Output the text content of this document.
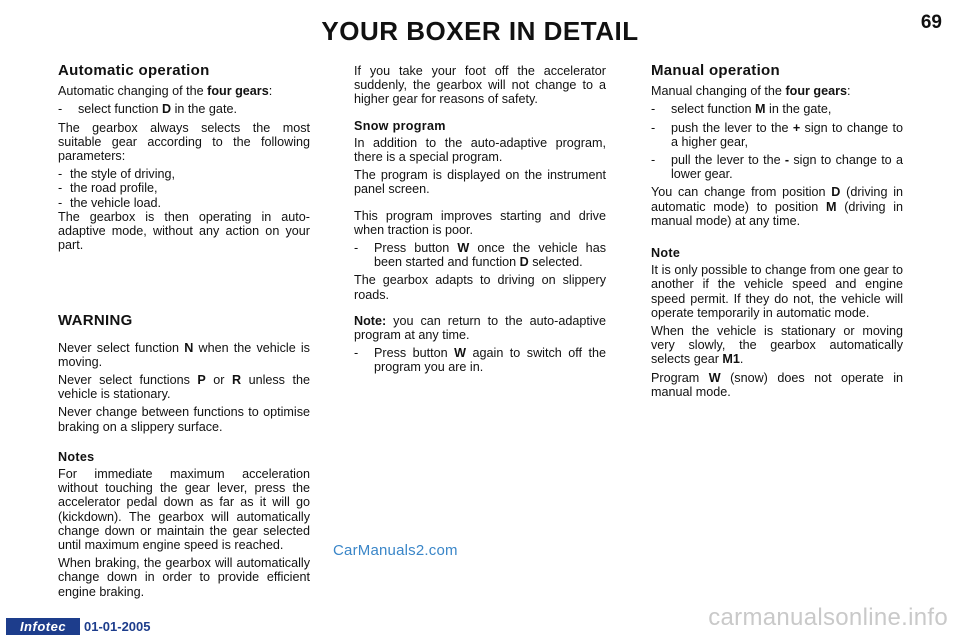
YOUR BOXER IN DETAIL	69
Automatic operation

Automatic changing of the four gears:

-	select function D in the gate.

The gearbox always selects the most suitable gear according to the following parameters:

- the style of driving,
- the road profile,
- the vehicle load.

The gearbox is then operating in auto-adaptive mode, without any action on your part.

WARNING

Never select function N when the vehicle is moving.

Never select functions P or R unless the vehicle is stationary.

Never change between functions to optimise braking on a slippery surface.

Notes

For immediate maximum acceleration without touching the gear lever, press the accelerator pedal down as far as it will go (kickdown). The gearbox will automatically change down or maintain the gear selected until maximum engine speed is reached.

When braking, the gearbox will automatically change down in order to provide efficient engine braking.

If you take your foot off the accelerator suddenly, the gearbox will not change to a higher gear for reasons of safety.

Snow program

In addition to the auto-adaptive program, there is a special program.

The program is displayed on the instrument panel screen.

This program improves starting and drive when traction is poor.

-	Press button W once the vehicle has been started and function D selected.

The gearbox adapts to driving on slippery roads.

Note: you can return to the auto-adaptive program at any time.

-	Press button W again to switch off the program you are in.
Manual operation

Manual changing of the four gears:

-	select function M in the gate,
-	push the lever to the + sign to change to a higher gear,
-	pull the lever to the - sign to change to a lower gear.

You can change from position D (driving in automatic mode) to position M (driving in manual mode) at any time.

Note

It is only possible to change from one gear to another if the vehicle speed and engine speed permit. If they do not, the vehicle will operate temporarily in automatic mode.

When the vehicle is stationary or moving very slowly, the gearbox automatically selects gear M1.

Program W (snow) does not operate in manual mode.

CarManuals2.com
Infotec	01-01-2005	carmanualsonline.info
